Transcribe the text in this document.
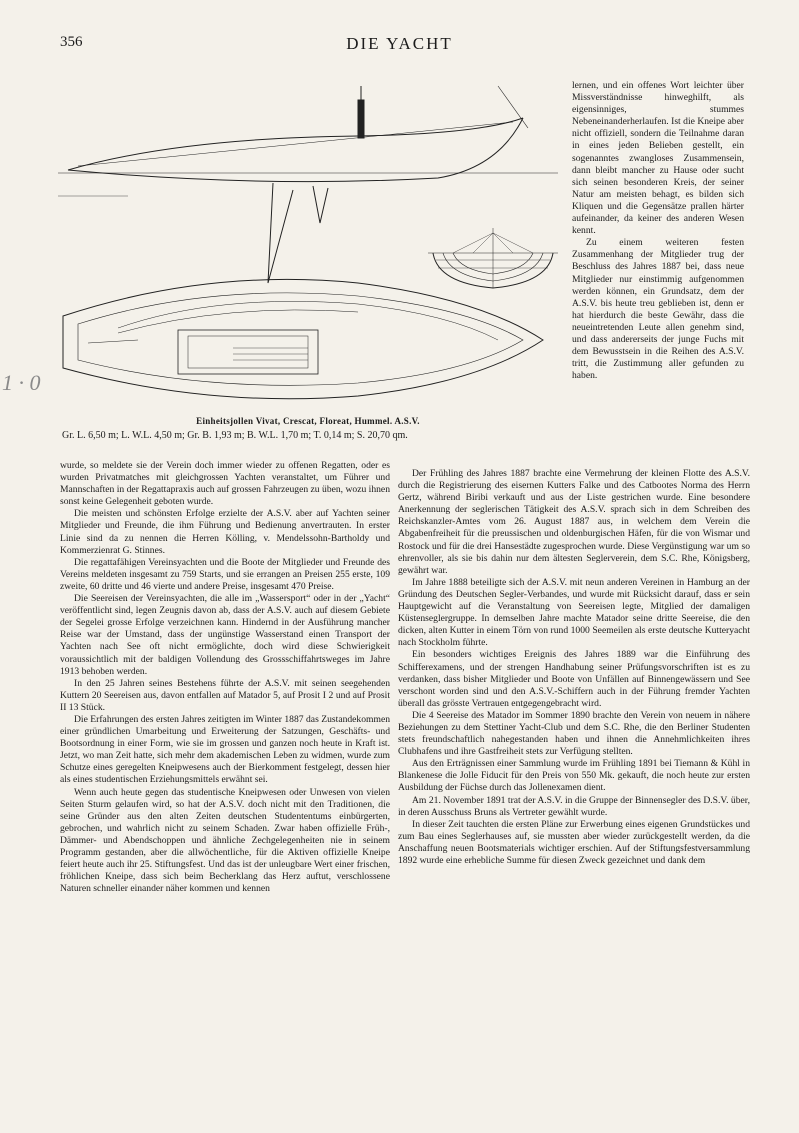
356	DIE YACHT
Einheitsjollen Vivat, Crescat, Floreat, Hummel. A.S.V.
Gr. L. 6,50 m; L. W.L. 4,50 m; Gr. B. 1,93 m; B. W.L. 1,70 m; T. 0,14 m; S. 20,70 qm.
1 · 0

lernen, und ein offenes Wort leichter über Missverständnisse hinweghilft, als eigensinniges, stummes Nebeneinanderherlaufen. Ist die Kneipe aber nicht offiziell, sondern die Teilnahme daran in eines jeden Belieben gestellt, ein sogenanntes zwangloses Zusammensein, dann bleibt mancher zu Hause oder sucht sich seinen besonderen Kreis, der seiner Natur am meisten behagt, es bilden sich Kliquen und die Gegensätze prallen härter aufeinander, da keiner des anderen Wesen kennt.

Zu einem weiteren festen Zusammenhang der Mitglieder trug der Beschluss des Jahres 1887 bei, dass neue Mitglieder nur einstimmig aufgenommen werden können, ein Grundsatz, dem der A.S.V. bis heute treu geblieben ist, denn er hat hierdurch die beste Gewähr, dass die neueintretenden Leute allen genehm sind, und dass andererseits der junge Fuchs mit dem Bewusstsein in die Reihen des A.S.V. tritt, die Zustimmung aller gefunden zu haben.

wurde, so meldete sie der Verein doch immer wieder zu offenen Regatten, oder es wurden Privatmatches mit gleichgrossen Yachten veranstaltet, um Führer und Mannschaften in der Regattapraxis auch auf grossen Fahrzeugen zu üben, wozu ihnen sonst keine Gelegenheit geboten wurde.

Die meisten und schönsten Erfolge erzielte der A.S.V. aber auf Yachten seiner Mitglieder und Freunde, die ihm Führung und Bedienung anvertrauten. In erster Linie sind da zu nennen die Herren Kölling, v. Mendelssohn-Bartholdy und Kommerzienrat G. Stinnes.

Die regattafähigen Vereinsyachten und die Boote der Mitglieder und Freunde des Vereins meldeten insgesamt zu 759 Starts, und sie errangen an Preisen 255 erste, 109 zweite, 60 dritte und 46 vierte und andere Preise, insgesamt 470 Preise.

Die Seereisen der Vereinsyachten, die alle im „Wassersport“ oder in der „Yacht“ veröffentlicht sind, legen Zeugnis davon ab, dass der A.S.V. auch auf diesem Gebiete der Segelei grosse Erfolge verzeichnen kann. Hindernd in der Ausführung mancher Reise war der Umstand, dass der ungünstige Wasserstand einen Transport der Yachten nach See oft nicht ermöglichte, doch wird diese Schwierigkeit voraussichtlich mit der baldigen Vollendung des Grossschiffahrtsweges im Jahre 1913 behoben werden.

In den 25 Jahren seines Bestehens führte der A.S.V. mit seinen seegehenden Kuttern 20 Seereisen aus, davon entfallen auf Matador 5, auf Prosit I 2 und auf Prosit II 13 Stück.

Die Erfahrungen des ersten Jahres zeitigten im Winter 1887 das Zustandekommen einer gründlichen Umarbeitung und Erweiterung der Satzungen, Geschäfts- und Bootsordnung in einer Form, wie sie im grossen und ganzen noch heute in Kraft ist. Jetzt, wo man Zeit hatte, sich mehr dem akademischen Leben zu widmen, wurde zum Schutze eines geregelten Kneipwesens auch der Bierkomment festgelegt, dessen hier als eines studentischen Erziehungsmittels erwähnt sei.

Wenn auch heute gegen das studentische Kneipwesen oder Unwesen von vielen Seiten Sturm gelaufen wird, so hat der A.S.V. doch nicht mit den Traditionen, die seine Gründer aus den alten Zeiten deutschen Studententums einbürgerten, gebrochen, und wahrlich nicht zu seinem Schaden. Zwar haben offizielle Früh-, Dämmer- und Abendschoppen und ähnliche Zechgelegenheiten nie in seinem Programm gestanden, aber die allwöchentliche, für die Aktiven offizielle Kneipe feiert heute auch ihr 25. Stiftungsfest. Und das ist der unleugbare Wert einer frischen, fröhlichen Kneipe, dass sich beim Becherklang das Herz auftut, verschlossene Naturen schneller einander näher kommen und kennen

Der Frühling des Jahres 1887 brachte eine Vermehrung der kleinen Flotte des A.S.V. durch die Registrierung des eisernen Kutters Falke und des Catbootes Norma des Herrn Gertz, während Biribi verkauft und aus der Liste gestrichen wurde. Eine besondere Anerkennung der seglerischen Tätigkeit des A.S.V. sprach sich in dem Schreiben des Reichskanzler-Amtes vom 26. August 1887 aus, in welchem dem Verein die Abgabenfreiheit für die preussischen und oldenburgischen Häfen, für die von Wismar und Rostock und für die drei Hansestädte zugesprochen wurde. Diese Vergünstigung war um so ehrenvoller, als sie bis dahin nur dem ältesten Seglerverein, dem S.C. Rhe, Königsberg, gewährt war.

Im Jahre 1888 beteiligte sich der A.S.V. mit neun anderen Vereinen in Hamburg an der Gründung des Deutschen Segler-Verbandes, und wurde mit Rücksicht darauf, dass er sein Hauptgewicht auf die Veranstaltung von Seereisen legte, Mitglied der damaligen Küstenseglergruppe. In demselben Jahre machte Matador seine dritte Seereise, die den dicken, alten Kutter in einem Törn von rund 1000 Seemeilen als erste deutsche Kutteryacht nach Stockholm führte.

Ein besonders wichtiges Ereignis des Jahres 1889 war die Einführung des Schifferexamens, und der strengen Handhabung seiner Prüfungsvorschriften ist es zu verdanken, dass bisher Mitglieder und Boote von Unfällen auf Binnengewässern und See verschont worden sind und den A.S.V.-Schiffern auch in der Führung fremder Yachten überall das grösste Vertrauen entgegengebracht wird.

Die 4 Seereise des Matador im Sommer 1890 brachte den Verein von neuem in nähere Beziehungen zu dem Stettiner Yacht-Club und dem S.C. Rhe, die den Berliner Studenten stets freundschaftlich nahegestanden haben und ihnen die Annehmlichkeiten ihres Clubhafens und ihre Gastfreiheit stets zur Verfügung stellten.

Aus den Erträgnissen einer Sammlung wurde im Frühling 1891 bei Tiemann & Kühl in Blankenese die Jolle Fiducit für den Preis von 550 Mk. gekauft, die noch heute zur ersten Ausbildung der Füchse durch das Jollenexamen dient.

Am 21. November 1891 trat der A.S.V. in die Gruppe der Binnensegler des D.S.V. über, in deren Ausschuss Bruns als Vertreter gewählt wurde.

In dieser Zeit tauchten die ersten Pläne zur Erwerbung eines eigenen Grundstückes und zum Bau eines Seglerhauses auf, sie mussten aber wieder zurückgestellt werden, da die Anschaffung neuen Bootsmaterials wichtiger erschien. Auf der Stiftungsfestversammlung 1892 wurde eine erhebliche Summe für diesen Zweck gezeichnet und dank dem
